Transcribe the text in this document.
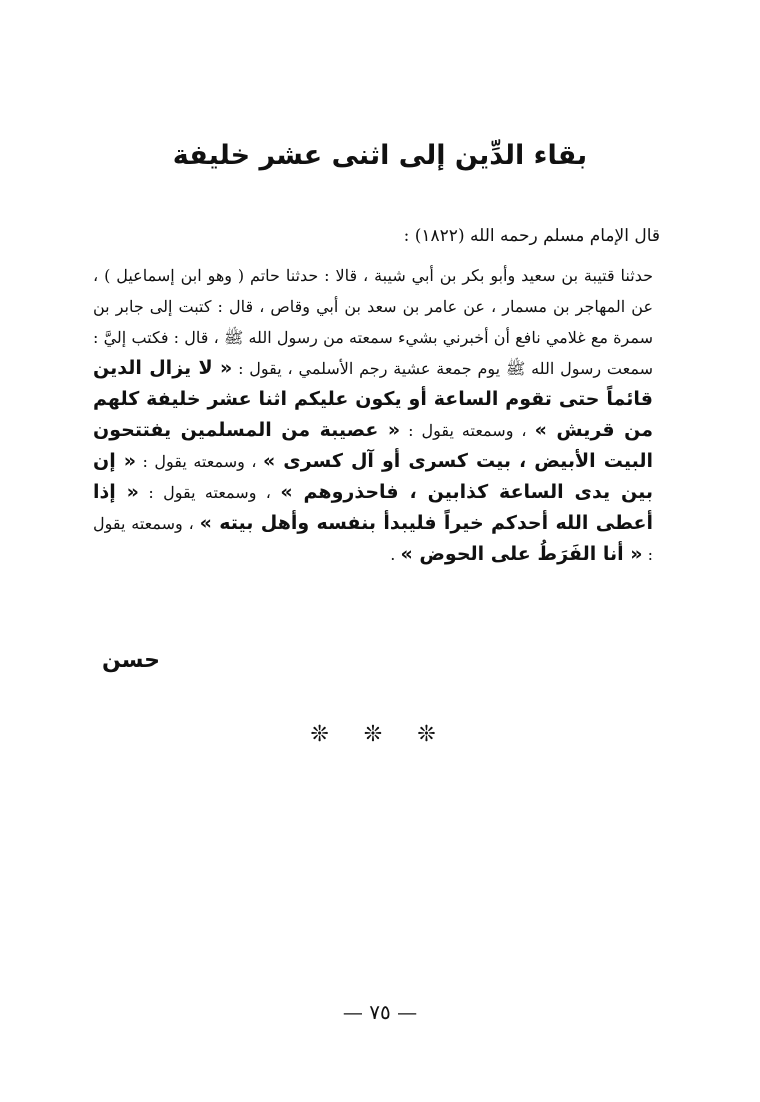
بقاء الدِّين إلى اثنى عشر خليفة
قال الإمام مسلم رحمه الله (١٨٢٢) :
حدثنا قتيبة بن سعيد وأبو بكر بن أبي شيبة ، قالا : حدثنا حاتم ( وهو ابن إسماعيل ) ، عن المهاجر بن مسمار ، عن عامر بن سعد بن أبي وقاص ، قال : كتبت إلى جابر بن سمرة مع غلامي نافع أن أخبرني بشيء سمعته من رسول الله ﷺ ، قال : فكتب إليَّ : سمعت رسول الله ﷺ يوم جمعة عشية رجم الأسلمي ، يقول : « لا يزال الدين قائماً حتى تقوم الساعة أو يكون عليكم اثنا عشر خليفة كلهم من قريش » ، وسمعته يقول : « عصيبة من المسلمين يفتتحون البيت الأبيض ، بيت كسرى أو آل كسرى » ، وسمعته يقول : « إن بين يدى الساعة كذابين ، فاحذروهم » ، وسمعته يقول : « إذا أعطى الله أحدكم خيراً فليبدأ بنفسه وأهل بيته » ، وسمعته يقول : « أنا الفَرَطُ على الحوض » .
حسن
❊ ❊ ❊
— ٧٥ —
